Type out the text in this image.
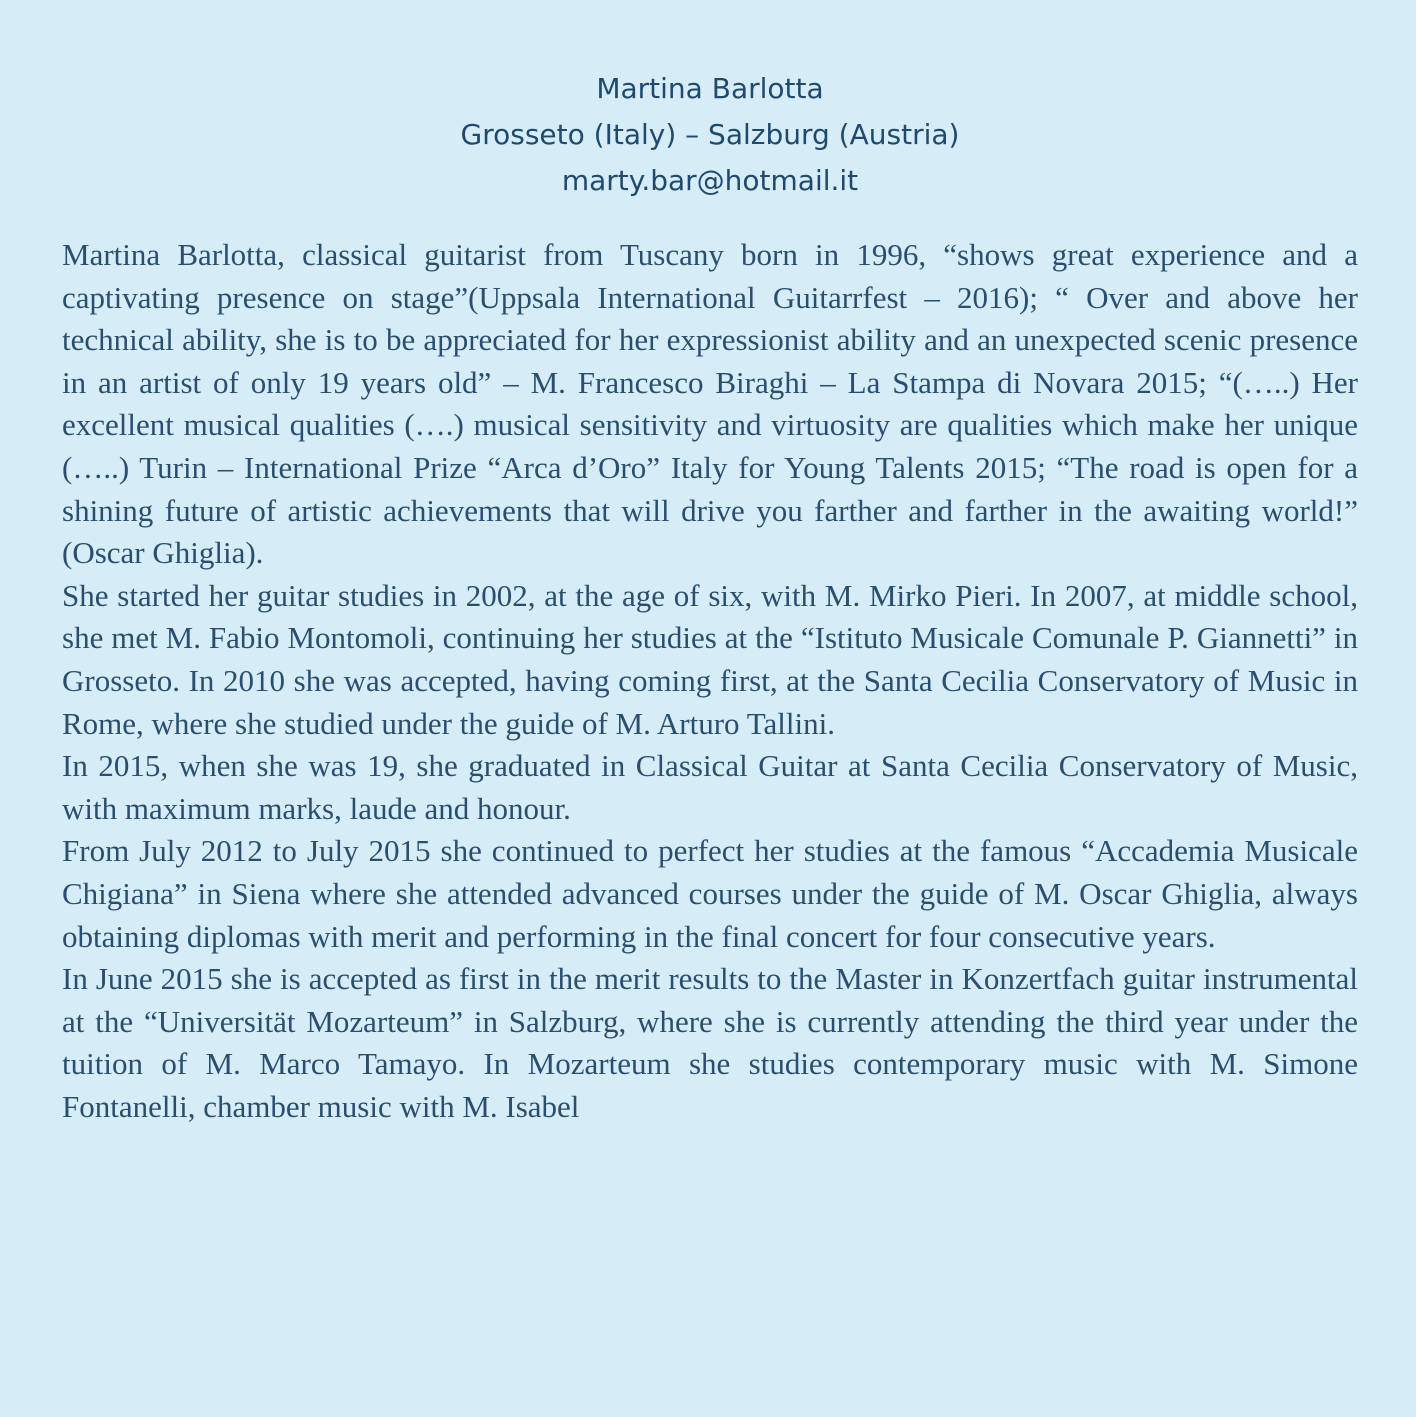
Martina Barlotta
Grosseto (Italy) – Salzburg (Austria)
marty.bar@hotmail.it

Martina Barlotta, classical guitarist from Tuscany born in 1996, “shows great experience and a captivating presence on stage”(Uppsala International Guitarrfest – 2016); “ Over and above her technical ability, she is to be appreciated for her expressionist ability and an unexpected scenic presence in an artist of only 19 years old” – M. Francesco Biraghi – La Stampa di Novara 2015; “(…..) Her excellent musical qualities (….) musical sensitivity and virtuosity are qualities which make her unique (…..) Turin – International Prize “Arca d’Oro” Italy for Young Talents 2015; “The road is open for a shining future of artistic achievements that will drive you farther and farther in the awaiting world!” (Oscar Ghiglia).

She started her guitar studies in 2002, at the age of six, with M. Mirko Pieri. In 2007, at middle school, she met M. Fabio Montomoli, continuing her studies at the “Istituto Musicale Comunale P. Giannetti” in Grosseto. In 2010 she was accepted, having coming first, at the Santa Cecilia Conservatory of Music in Rome, where she studied under the guide of M. Arturo Tallini.

In 2015, when she was 19, she graduated in Classical Guitar at Santa Cecilia Conservatory of Music, with maximum marks, laude and honour.

From July 2012 to July 2015 she continued to perfect her studies at the famous “Accademia Musicale Chigiana” in Siena where she attended advanced courses under the guide of M. Oscar Ghiglia, always obtaining diplomas with merit and performing in the final concert for four consecutive years.

In June 2015 she is accepted as first in the merit results to the Master in Konzertfach guitar instrumental at the “Universität Mozarteum” in Salzburg, where she is currently attending the third year under the tuition of M. Marco Tamayo. In Mozarteum she studies contemporary music with M. Simone Fontanelli, chamber music with M. Isabel
